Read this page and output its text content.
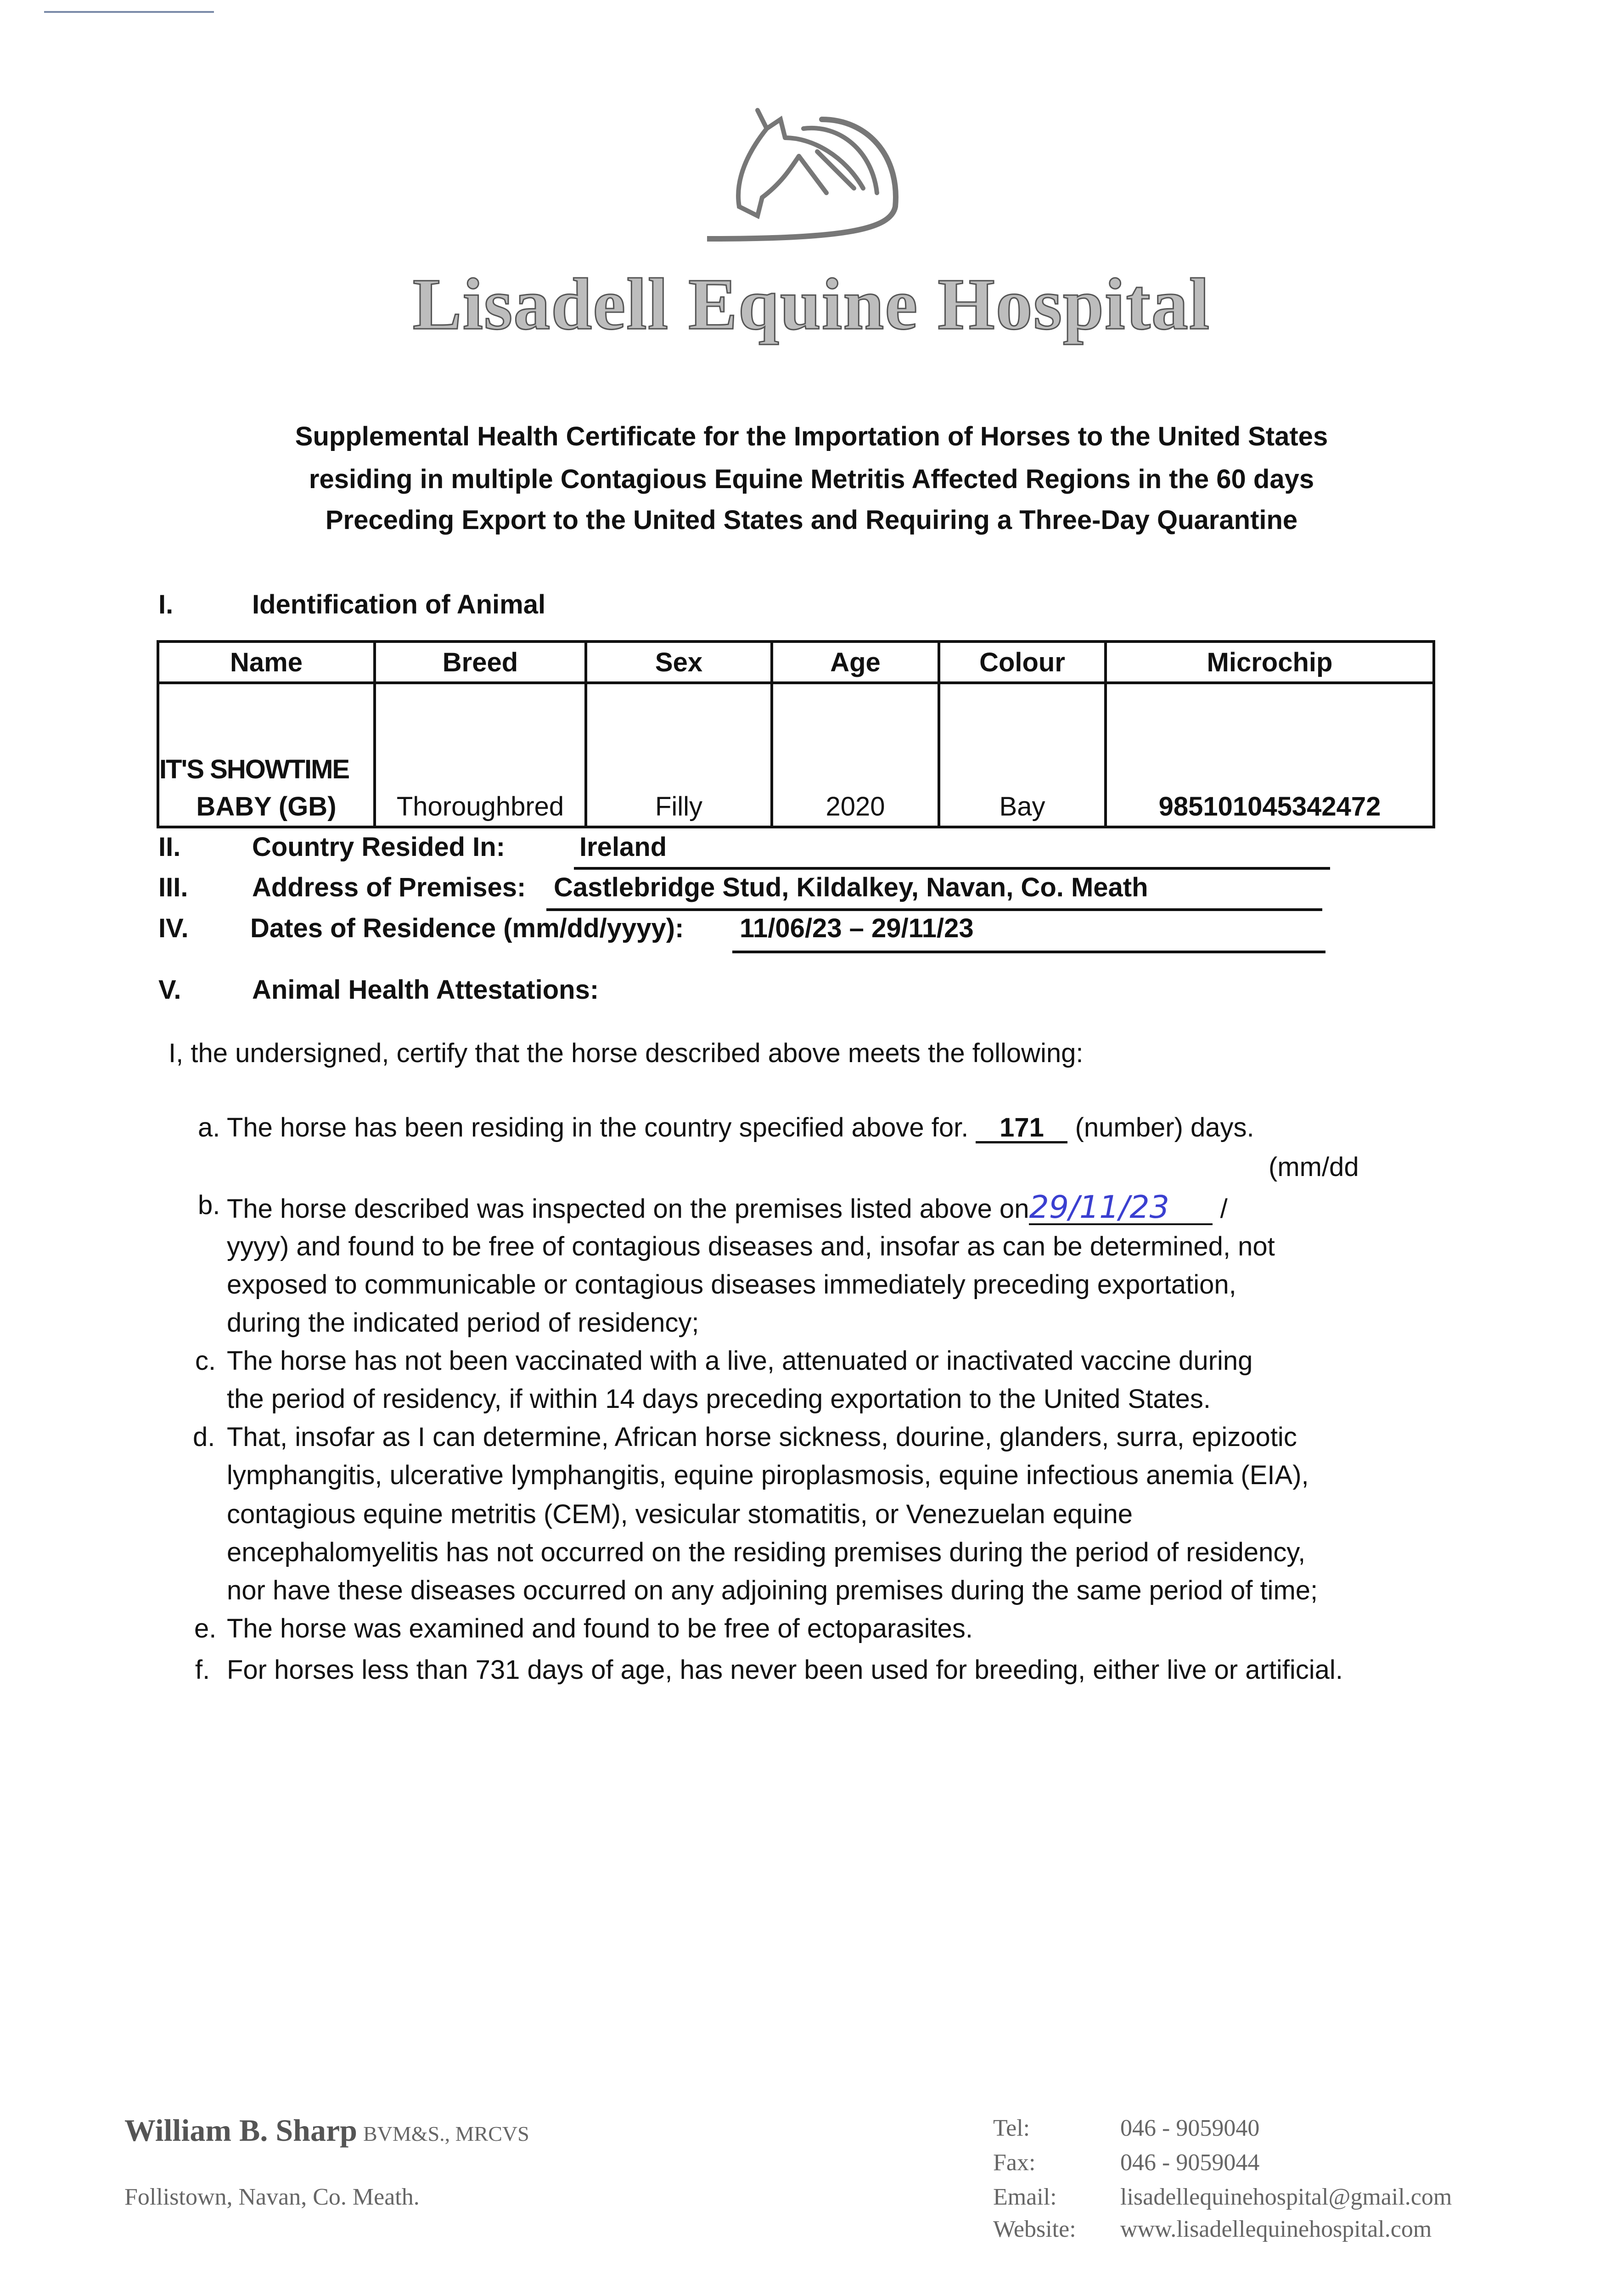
Lisadell Equine Hospital
Supplemental Health Certificate for the Importation of Horses to the United States
residing in multiple Contagious Equine Metritis Affected Regions in the 60 days
Preceding Export to the United States and Requiring a Three-Day Quarantine
I.	Identification of Animal
Name	Breed	Sex	Age	Colour	Microchip

IT'S SHOWTIME
BABY (GB)	Thoroughbred	Filly	2020	Bay	985101045342472
II.	Country Resided In:	Ireland
III. Address of Premises: Castlebridge Stud, Kildalkey, Navan, Co. Meath
IV. Dates of Residence (mm/dd/yyyy): 11/06/23 – 29/11/23
V.	Animal Health Attestations:
I, the undersigned, certify that the horse described above meets the following:
a. The horse has been residing in the country specified above for. 171 (number) days.
(mm/dd
b. The horse described was inspected on the premises listed above on29/11/23 /
yyyy) and found to be free of contagious diseases and, insofar as can be determined, not
exposed to communicable or contagious diseases immediately preceding exportation,
during the indicated period of residency;
c. The horse has not been vaccinated with a live, attenuated or inactivated vaccine during
the period of residency, if within 14 days preceding exportation to the United States.
d. That, insofar as I can determine, African horse sickness, dourine, glanders, surra, epizootic
lymphangitis, ulcerative lymphangitis, equine piroplasmosis, equine infectious anemia (EIA),
contagious equine metritis (CEM), vesicular stomatitis, or Venezuelan equine
encephalomyelitis has not occurred on the residing premises during the period of residency,
nor have these diseases occurred on any adjoining premises during the same period of time;
e. The horse was examined and found to be free of ectoparasites.
f. For horses less than 731 days of age, has never been used for breeding, either live or artificial.
William B. Sharp BVM&S., MRCVS
Follistown, Navan, Co. Meath.
Tel:	046 - 9059040
Fax:	046 - 9059044
Email:	lisadellequinehospital@gmail.com
Website: www.lisadellequinehospital.com
